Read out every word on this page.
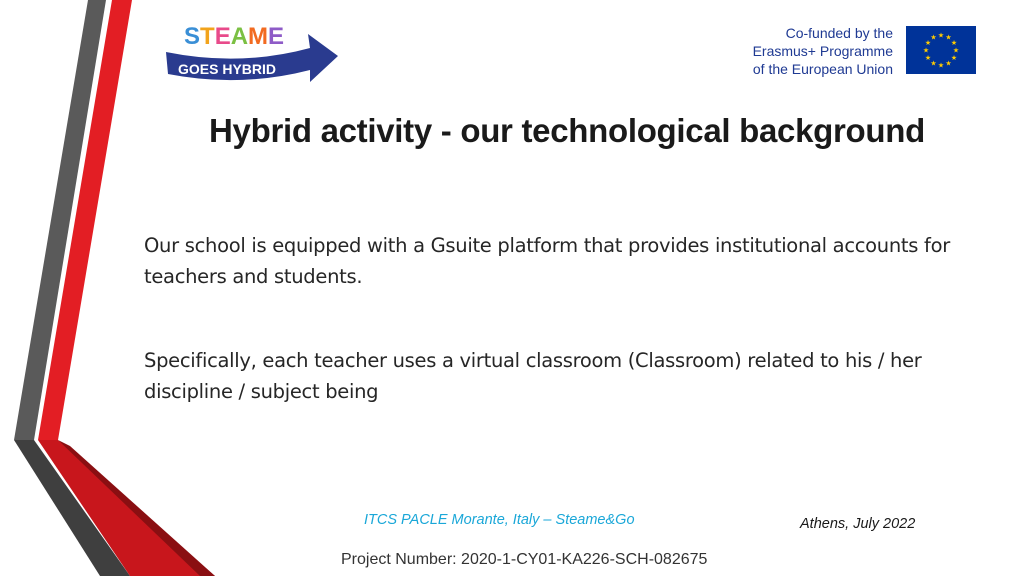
STEAME
GOES HYBRID
Co-funded by the
Erasmus+ Programme
of the European Union
★ ★
★
★
★
★
★
★
★
★
★
★
Hybrid activity - our technological background
Our school is equipped with a Gsuite platform that provides institutional accounts for teachers and students.
Specifically, each teacher uses a virtual classroom (Classroom) related to his / her discipline / subject being
ITCS PACLE Morante, Italy – Steame&Go	Athens, July 2022
Project Number: 2020-1-CY01-KA226-SCH-082675
